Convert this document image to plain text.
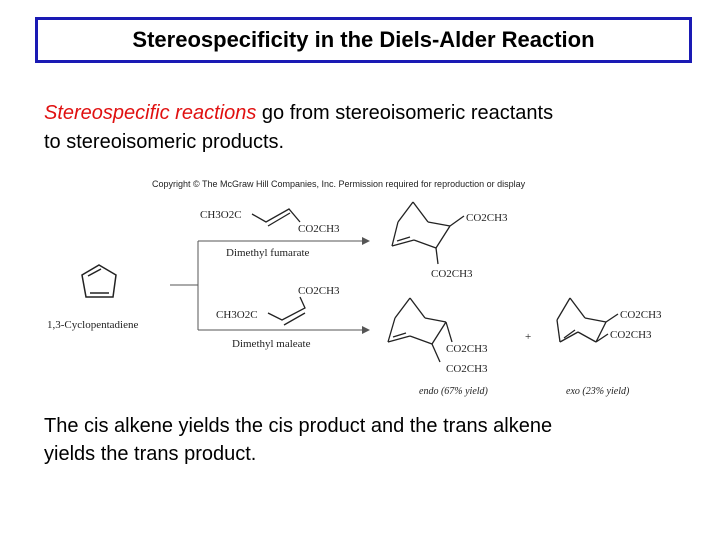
Stereospecificity in the Diels-Alder Reaction
Stereospecific reactions go from stereoisomeric reactants
to stereoisomeric products.
Copyright © The McGraw Hill Companies, Inc. Permission required for reproduction or display
1,3-Cyclopentadiene
CH3O2C
CO2CH3
Dimethyl fumarate
CO2CH3
CH3O2C
Dimethyl maleate
CO2CH3
CO2CH3
CO2CH3
CO2CH3
endo (67% yield)
+
CO2CH3
CO2CH3
exo (23% yield)
The cis alkene yields the cis product and the trans alkene
yields the trans product.
